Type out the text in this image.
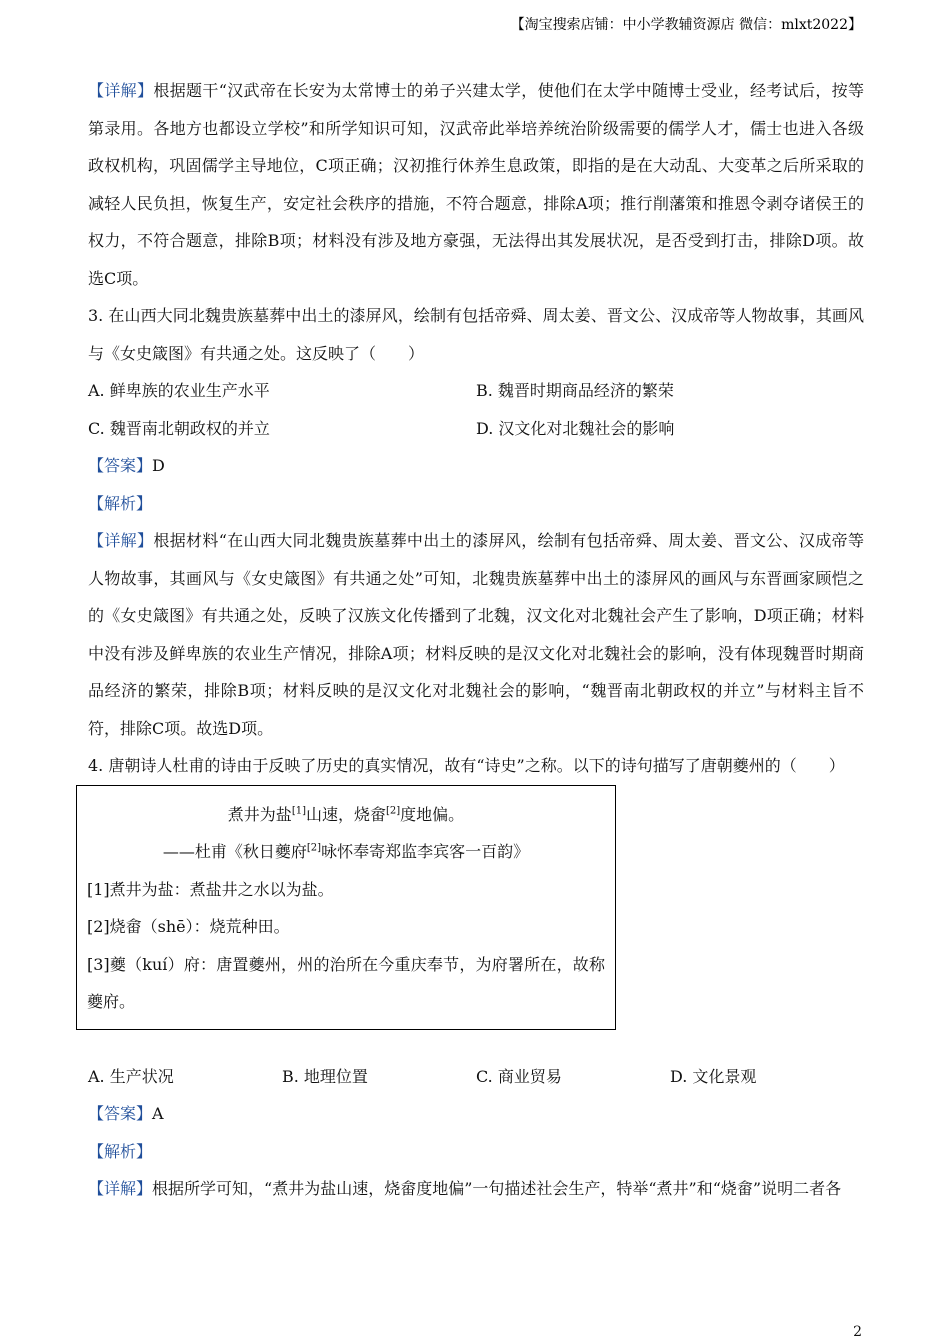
【淘宝搜索店铺：中小学教辅资源店 微信：mlxt2022】

【详解】根据题干“汉武帝在长安为太常博士的弟子兴建太学，使他们在太学中随博士受业，经考试后，按等第录用。各地方也都设立学校”和所学知识可知，汉武帝此举培养统治阶级需要的儒学人才，儒士也进入各级政权机构，巩固儒学主导地位，C项正确；汉初推行休养生息政策，即指的是在大动乱、大变革之后所采取的减轻人民负担，恢复生产，安定社会秩序的措施，不符合题意，排除A项；推行削藩策和推恩令剥夺诸侯王的权力，不符合题意，排除B项；材料没有涉及地方豪强，无法得出其发展状况，是否受到打击，排除D项。故选C项。

3. 在山西大同北魏贵族墓葬中出土的漆屏风，绘制有包括帝舜、周太姜、晋文公、汉成帝等人物故事，其画风与《女史箴图》有共通之处。这反映了（　　）

A. 鲜卑族的农业生产水平	B. 魏晋时期商品经济的繁荣
C. 魏晋南北朝政权的并立	D. 汉文化对北魏社会的影响

【答案】D

【解析】

【详解】根据材料“在山西大同北魏贵族墓葬中出土的漆屏风，绘制有包括帝舜、周太姜、晋文公、汉成帝等人物故事，其画风与《女史箴图》有共通之处”可知，北魏贵族墓葬中出土的漆屏风的画风与东晋画家顾恺之的《女史箴图》有共通之处，反映了汉族文化传播到了北魏，汉文化对北魏社会产生了影响，D项正确；材料中没有涉及鲜卑族的农业生产情况，排除A项；材料反映的是汉文化对北魏社会的影响，没有体现魏晋时期商品经济的繁荣，排除B项；材料反映的是汉文化对北魏社会的影响，“魏晋南北朝政权的并立”与材料主旨不符，排除C项。故选D项。

4. 唐朝诗人杜甫的诗由于反映了历史的真实情况，故有“诗史”之称。以下的诗句描写了唐朝夔州的（　　）

煮井为盐[1]山速，烧畲[2]度地偏。

——杜甫《秋日夔府[2]咏怀奉寄郑监李宾客一百韵》

[1]煮井为盐：煮盐井之水以为盐。

[2]烧畲（shē）：烧荒种田。

[3]夔（kuí）府：唐置夔州，州的治所在今重庆奉节，为府署所在，故称夔府。

A. 生产状况	B. 地理位置	C. 商业贸易	D. 文化景观

【答案】A

【解析】

【详解】根据所学可知，“煮井为盐山速，烧畲度地偏”一句描述社会生产，特举“煮井”和“烧畲”说明二者各

2
